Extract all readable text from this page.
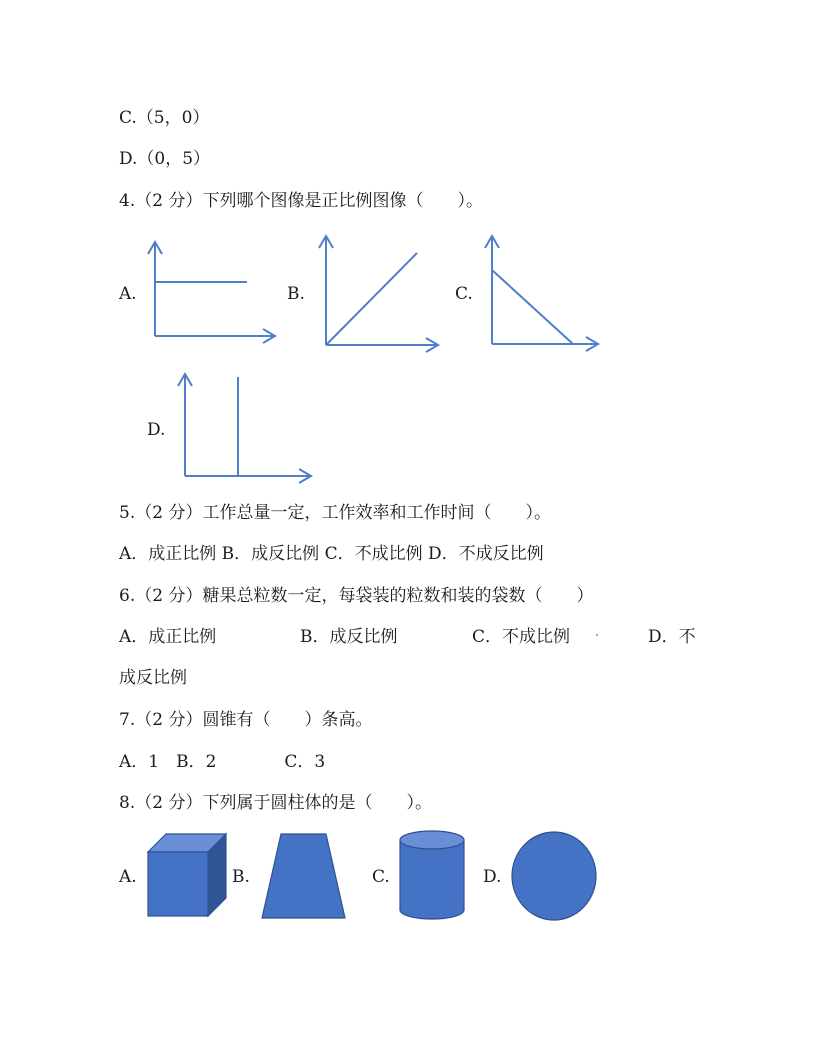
C.（5，0）
D.（0，5）
4.（2 分）下列哪个图像是正比例图像（　　）。
A.	B.	C.
D.
5.（2 分）工作总量一定，工作效率和工作时间（　　）。
A．成正比例 B．成反比例 C．不成比例 D．不成反比例
6.（2 分）糖果总粒数一定，每袋装的粒数和装的袋数（　　）
A．成正比例	B．成反比例	C．不成比例	D．不
成反比例
7.（2 分）圆锥有（　　）条高。
A．1　B．2　　　　C．3
8.（2 分）下列属于圆柱体的是（　　）。
A.	B.	C.	D.
